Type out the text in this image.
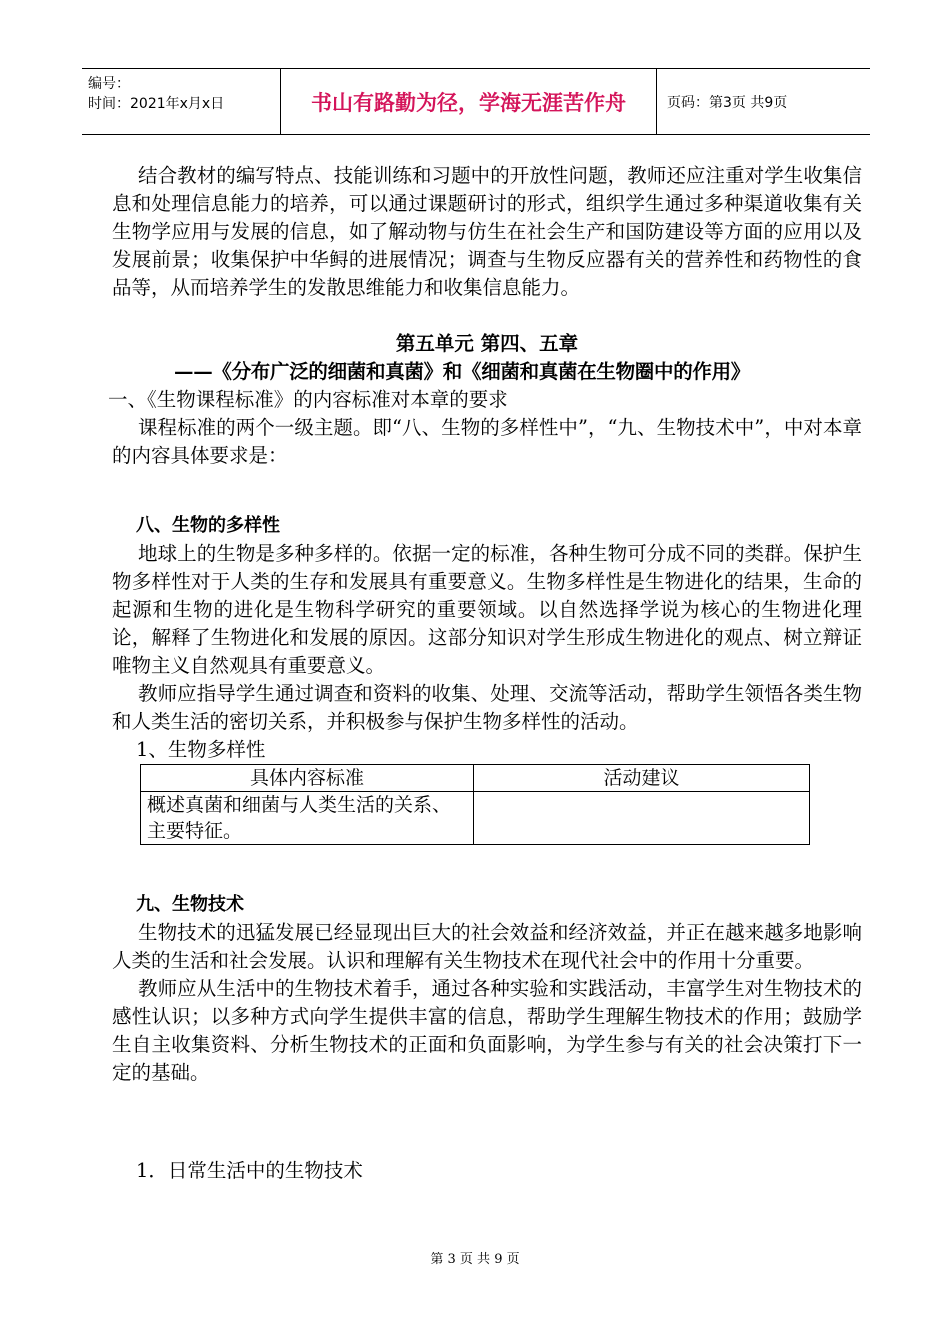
编号：
时间：2021年x月x日	书山有路勤为径，学海无涯苦作舟	页码：第3页 共9页

结合教材的编写特点、技能训练和习题中的开放性问题，教师还应注重对学生收集信息和处理信息能力的培养，可以通过课题研讨的形式，组织学生通过多种渠道收集有关生物学应用与发展的信息，如了解动物与仿生在社会生产和国防建设等方面的应用以及发展前景；收集保护中华鲟的进展情况；调查与生物反应器有关的营养性和药物性的食品等，从而培养学生的发散思维能力和收集信息能力。

第五单元 第四、五章

——《分布广泛的细菌和真菌》和《细菌和真菌在生物圈中的作用》

一、《生物课程标准》的内容标准对本章的要求

课程标准的两个一级主题。即“八、生物的多样性中”，“九、生物技术中”，中对本章的内容具体要求是：

八、生物的多样性

地球上的生物是多种多样的。依据一定的标准，各种生物可分成不同的类群。保护生物多样性对于人类的生存和发展具有重要意义。生物多样性是生物进化的结果，生命的起源和生物的进化是生物科学研究的重要领域。以自然选择学说为核心的生物进化理论，解释了生物进化和发展的原因。这部分知识对学生形成生物进化的观点、树立辩证唯物主义自然观具有重要意义。

教师应指导学生通过调查和资料的收集、处理、交流等活动，帮助学生领悟各类生物和人类生活的密切关系，并积极参与保护生物多样性的活动。

1、生物多样性

具体内容标准	活动建议
概述真菌和细菌与人类生活的关系、主要特征。	

九、生物技术

生物技术的迅猛发展已经显现出巨大的社会效益和经济效益，并正在越来越多地影响人类的生活和社会发展。认识和理解有关生物技术在现代社会中的作用十分重要。

教师应从生活中的生物技术着手，通过各种实验和实践活动，丰富学生对生物技术的感性认识；以多种方式向学生提供丰富的信息，帮助学生理解生物技术的作用；鼓励学生自主收集资料、分析生物技术的正面和负面影响，为学生参与有关的社会决策打下一定的基础。

1．日常生活中的生物技术

第 3 页 共 9 页
